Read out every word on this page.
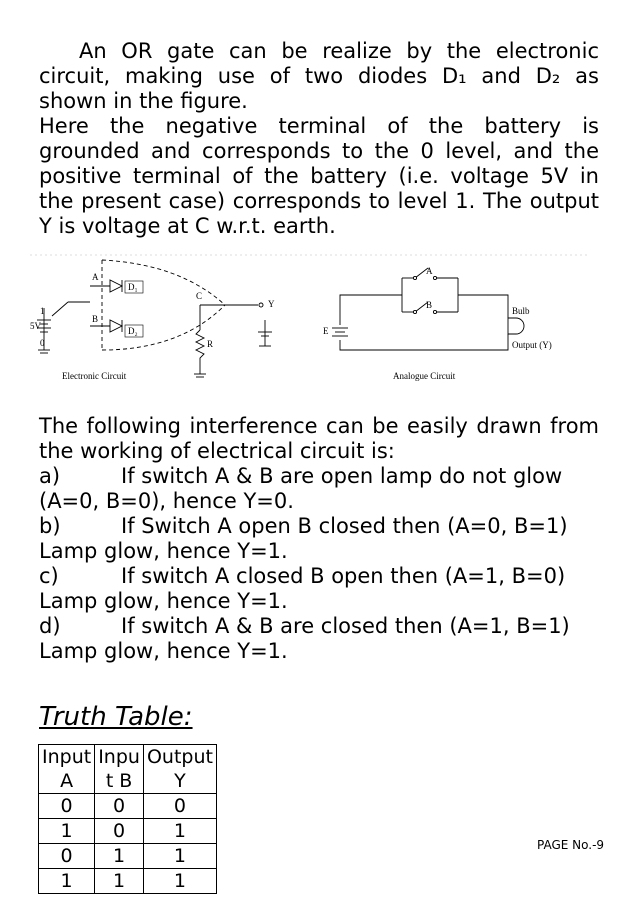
An OR gate can be realize by the electronic circuit, making use of two diodes D₁ and D₂ as shown in the figure.

Here the negative terminal of the battery is grounded and corresponds to the 0 level, and the positive terminal of the battery (i.e. voltage 5V in the present case) corresponds to level 1. The output Y is voltage at C w.r.t. earth.

A
B
D₁
D₂
C
Y
R
5V
1
0
Electronic Circuit
A
B
E
Bulb
Output (Y)
Analogue Circuit

The following interference can be easily drawn from the working of electrical circuit is:

a)	If switch A & B are open lamp do not glow
(A=0, B=0), hence Y=0.
b)	If Switch A open B closed then (A=0, B=1)
Lamp glow, hence Y=1.
c)	If switch A closed B open then (A=1, B=0)
Lamp glow, hence Y=1.
d)	If switch A & B are closed then (A=1, B=1)
Lamp glow, hence Y=1.
Truth Table:
Input	Inpu	Output
A	t B	Y
0	0	0
1	0	1
0	1	1
1	1	1
PAGE No.-9
